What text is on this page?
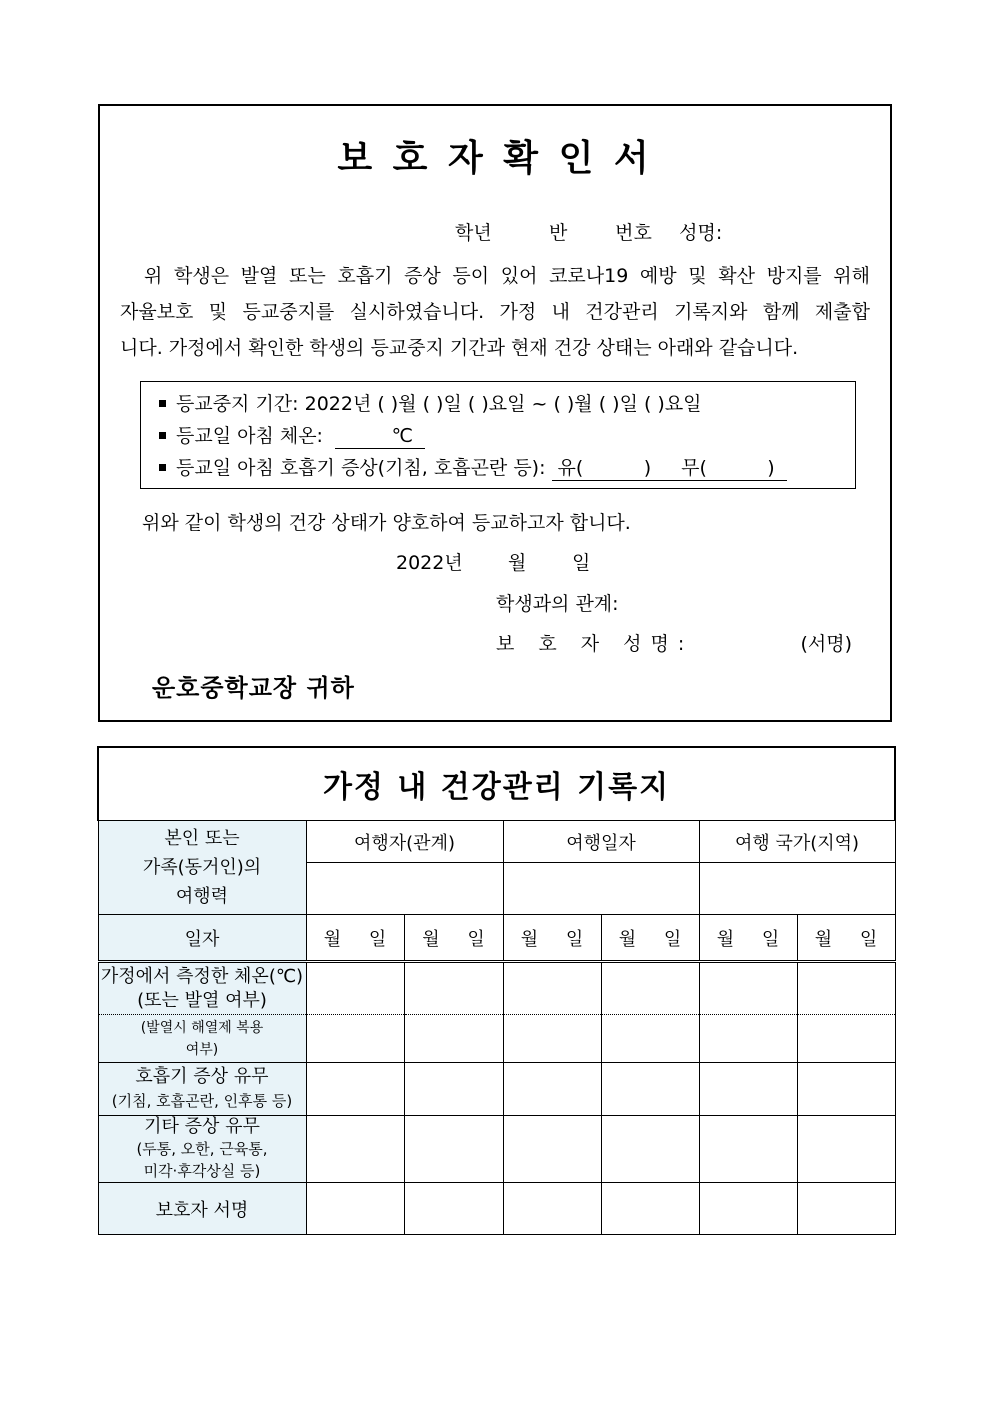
보 호 자 확 인 서
학년	반	번호 성명:

위 학생은 발열 또는 호흡기 증상 등이 있어 코로나19 예방 및 확산 방지를 위해

자율보호 및 등교중지를 실시하였습니다. 가정 내 건강관리 기록지와 함께 제출합

니다. 가정에서 확인한 학생의 등교중지 기간과 현재 건강 상태는 아래와 같습니다.

등교중지 기간: 2022년 ( )월 ( )일 ( )요일 ~ ( )월 ( )일 ( )요일
등교일 아침 체온:	℃
등교일 아침 호흡기 증상(기침, 호흡곤란 등): 유(          ) 무(          )
위와 같이 학생의 건강 상태가 양호하여 등교하고자 합니다.
2022년 월 일
학생과의 관계:
보 호 자 성명:	(서명)
운호중학교장 귀하
가정 내 건강관리 기록지						

본인 또는
가족(동거인)의
여행력	여행자(관계)		여행일자		여행 국가(지역)	

일자	월 일	월 일	월 일	월 일	월 일	월 일

가정에서 측정한 체온(℃)
(또는 발열 여부)						

(발열시 해열제 복용
여부)						

호흡기 증상 유무
(기침, 호흡곤란, 인후통 등)						

기타 증상 유무
(두통, 오한, 근육통,
미각·후각상실 등)						

보호자 서명						
